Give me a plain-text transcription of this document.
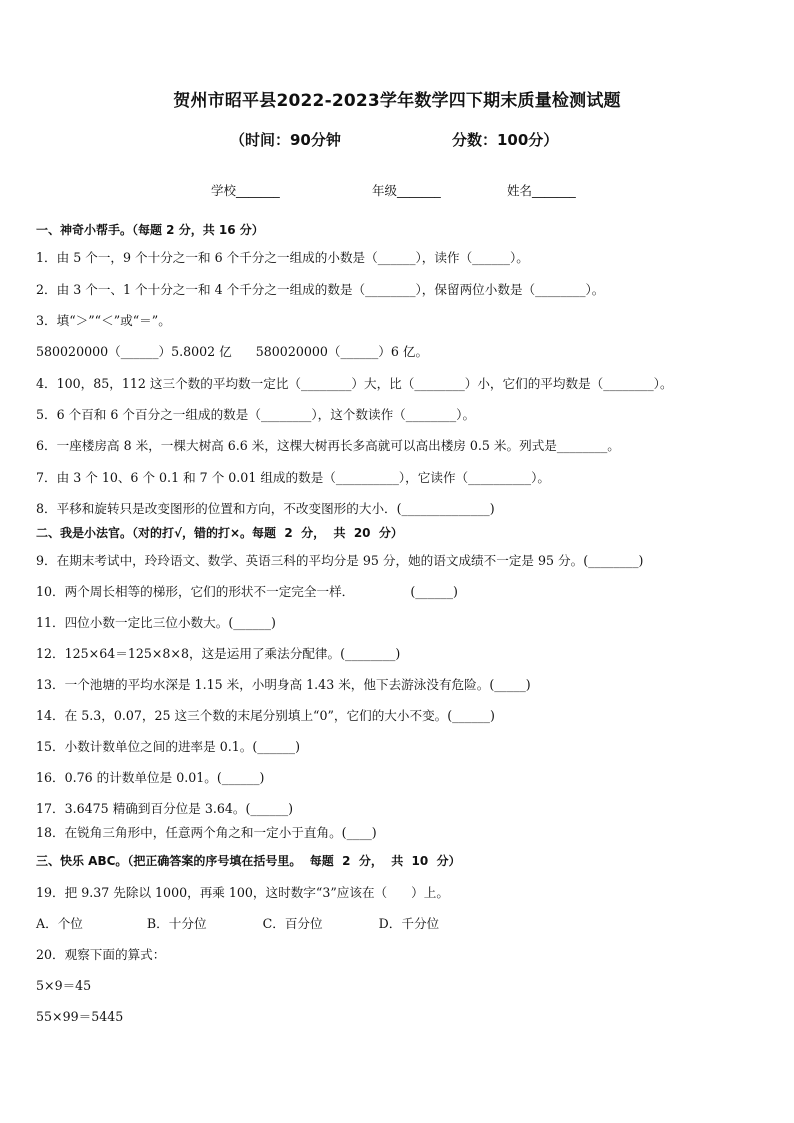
贺州市昭平县2022-2023学年数学四下期末质量检测试题
（时间：90分钟	分数：100分）
学校_______	年级_______	姓名_______
一、神奇小帮手。（每题 2 分，共 16 分）
1．由 5 个一，9 个十分之一和 6 个千分之一组成的小数是（______），读作（______）。
2．由 3 个一、1 个十分之一和 4 个千分之一组成的数是（________），保留两位小数是（________）。
3．填“＞”“＜”或“＝”。
580020000（______）5.8002 亿      580020000（______）6 亿。
4．100，85，112 这三个数的平均数一定比（________）大，比（________）小，它们的平均数是（________）。
5．6 个百和 6 个百分之一组成的数是（________），这个数读作（________）。
6．一座楼房高 8 米，一棵大树高 6.6 米，这棵大树再长多高就可以高出楼房 0.5 米。列式是________。
7．由 3 个 10、6 个 0.1 和 7 个 0.01 组成的数是（__________），它读作（__________）。
8．平移和旋转只是改变图形的位置和方向，不改变图形的大小．(______________)
二、我是小法官。（对的打√，错的打×。每题  2  分，  共  20  分）
9．在期末考试中，玲玲语文、数学、英语三科的平均分是 95 分，她的语文成绩不一定是 95 分。(________)
10．两个周长相等的梯形，它们的形状不一定完全一样．              (______)
11．四位小数一定比三位小数大。(______)
12．125×64＝125×8×8，这是运用了乘法分配律。(________)
13．一个池塘的平均水深是 1.15 米，小明身高 1.43 米，他下去游泳没有危险。(_____)
14．在 5.3，0.07，25 这三个数的末尾分别填上“0”，它们的大小不变。(______)
15．小数计数单位之间的进率是 0.1。(______)
16．0.76 的计数单位是 0.01。(______)
17．3.6475 精确到百分位是 3.64。(______)
18．在锐角三角形中，任意两个角之和一定小于直角。(____)
三、快乐 ABC。（把正确答案的序号填在括号里。  每题  2  分，  共  10  分）
19．把 9.37 先除以 1000，再乘 100，这时数字“3”应该在（      ）上。
A．个位                B．十分位              C．百分位              D．千分位
20．观察下面的算式：
5×9＝45
55×99＝5445
